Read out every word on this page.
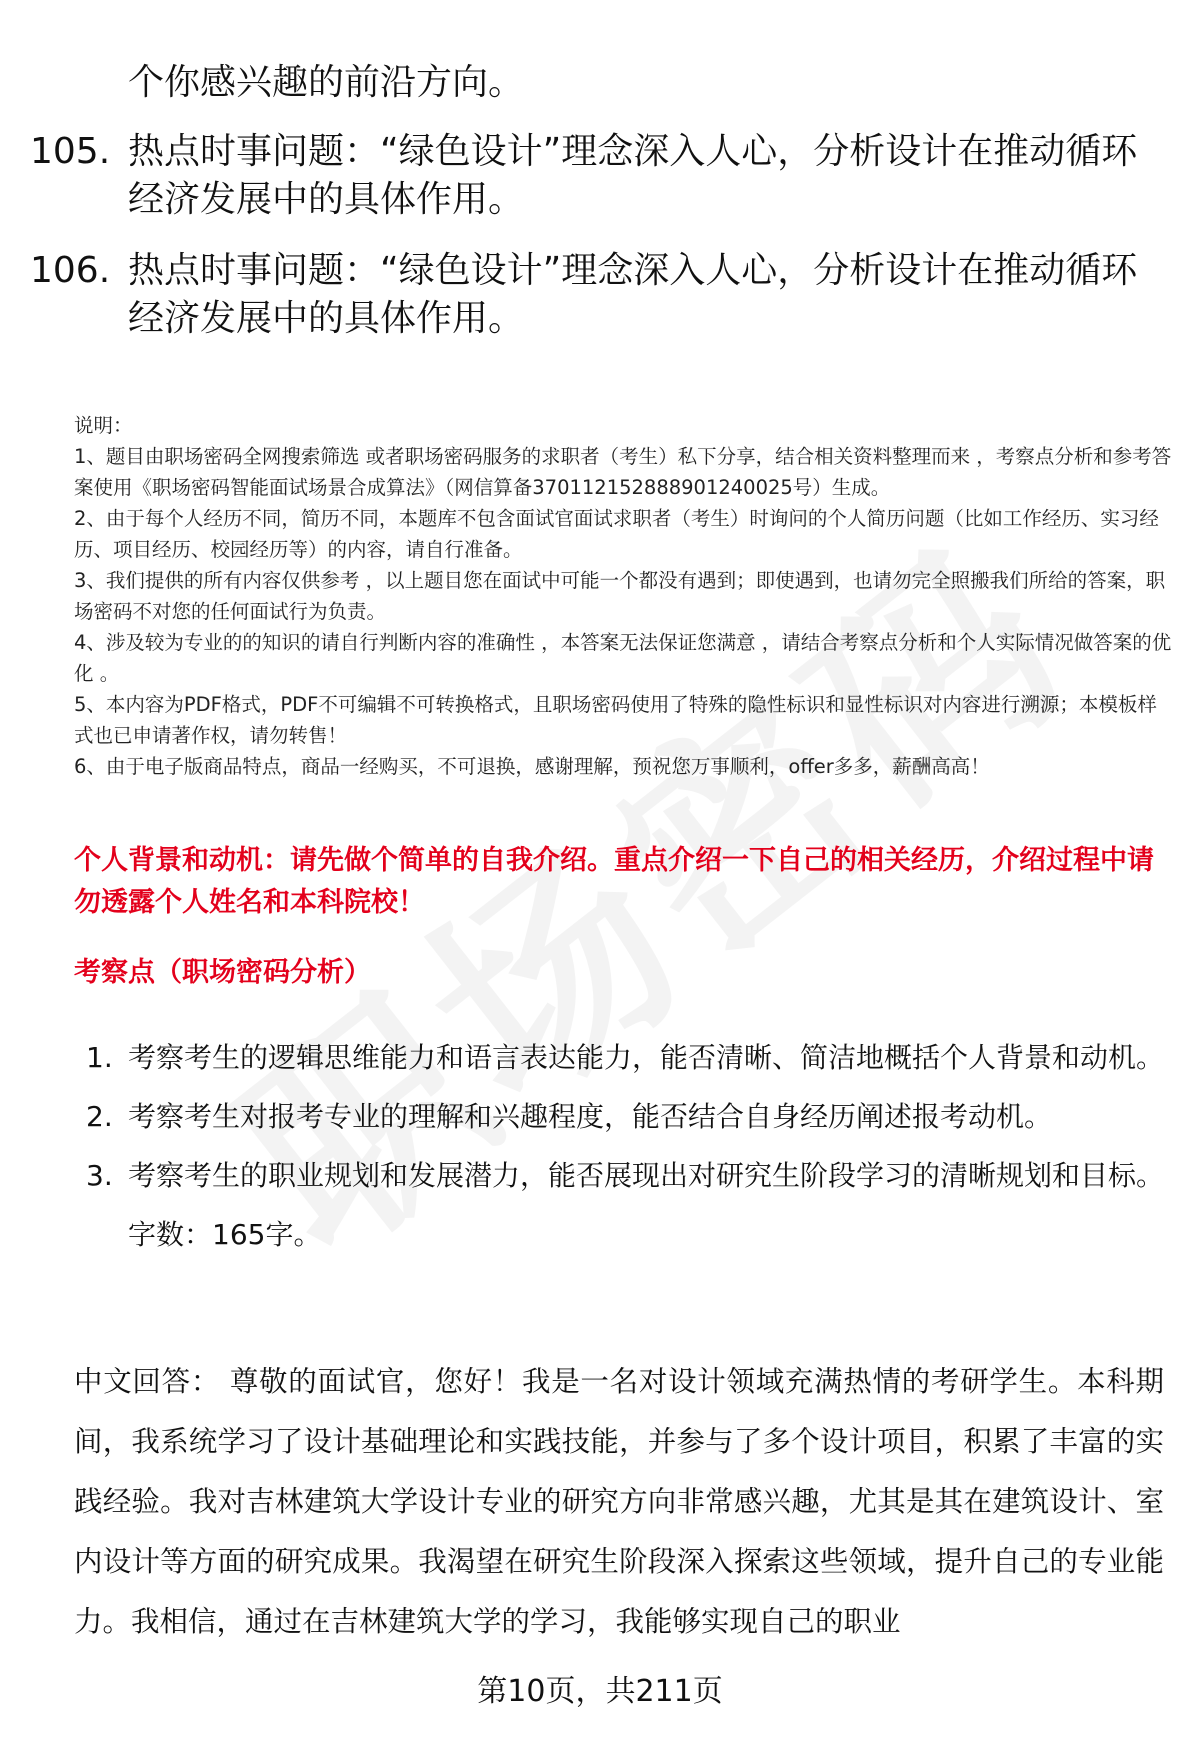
个你感兴趣的前沿方向。
105. 热点时事问题：“绿色设计”理念深入人心，分析设计在推动循环经济发展中的具体作用。
106. 热点时事问题：“绿色设计”理念深入人心，分析设计在推动循环经济发展中的具体作用。

说明：

1、题目由职场密码全网搜索筛选 或者职场密码服务的求职者（考生）私下分享，结合相关资料整理而来 ，考察点分析和参考答案使用《职场密码智能面试场景合成算法》（网信算备370112152888901240025号）生成。

2、由于每个人经历不同，简历不同，本题库不包含面试官面试求职者（考生）时询问的个人简历问题（比如工作经历、实习经历、项目经历、校园经历等）的内容，请自行准备。

3、我们提供的所有内容仅供参考 ，以上题目您在面试中可能一个都没有遇到；即使遇到，也请勿完全照搬我们所给的答案，职场密码不对您的任何面试行为负责。

4、涉及较为专业的的知识的请自行判断内容的准确性 ，本答案无法保证您满意 ，请结合考察点分析和个人实际情况做答案的优化 。

5、本内容为PDF格式，PDF不可编辑不可转换格式，且职场密码使用了特殊的隐性标识和显性标识对内容进行溯源；本模板样式也已申请著作权，请勿转售！

6、由于电子版商品特点，商品一经购买，不可退换，感谢理解，预祝您万事顺利，offer多多，薪酬高高！

个人背景和动机：请先做个简单的自我介绍。重点介绍一下自己的相关经历，介绍过程中请勿透露个人姓名和本科院校！
考察点（职场密码分析）
1. 考察考生的逻辑思维能力和语言表达能力，能否清晰、简洁地概括个人背景和动机。
2. 考察考生对报考专业的理解和兴趣程度，能否结合自身经历阐述报考动机。
3. 考察考生的职业规划和发展潜力，能否展现出对研究生阶段学习的清晰规划和目标。字数：165字。
中文回答： 尊敬的面试官，您好！我是一名对设计领域充满热情的考研学生。本科期间，我系统学习了设计基础理论和实践技能，并参与了多个设计项目，积累了丰富的实践经验。我对吉林建筑大学设计专业的研究方向非常感兴趣，尤其是其在建筑设计、室内设计等方面的研究成果。我渴望在研究生阶段深入探索这些领域，提升自己的专业能力。我相信，通过在吉林建筑大学的学习，我能够实现自己的职业
第10页，共211页
